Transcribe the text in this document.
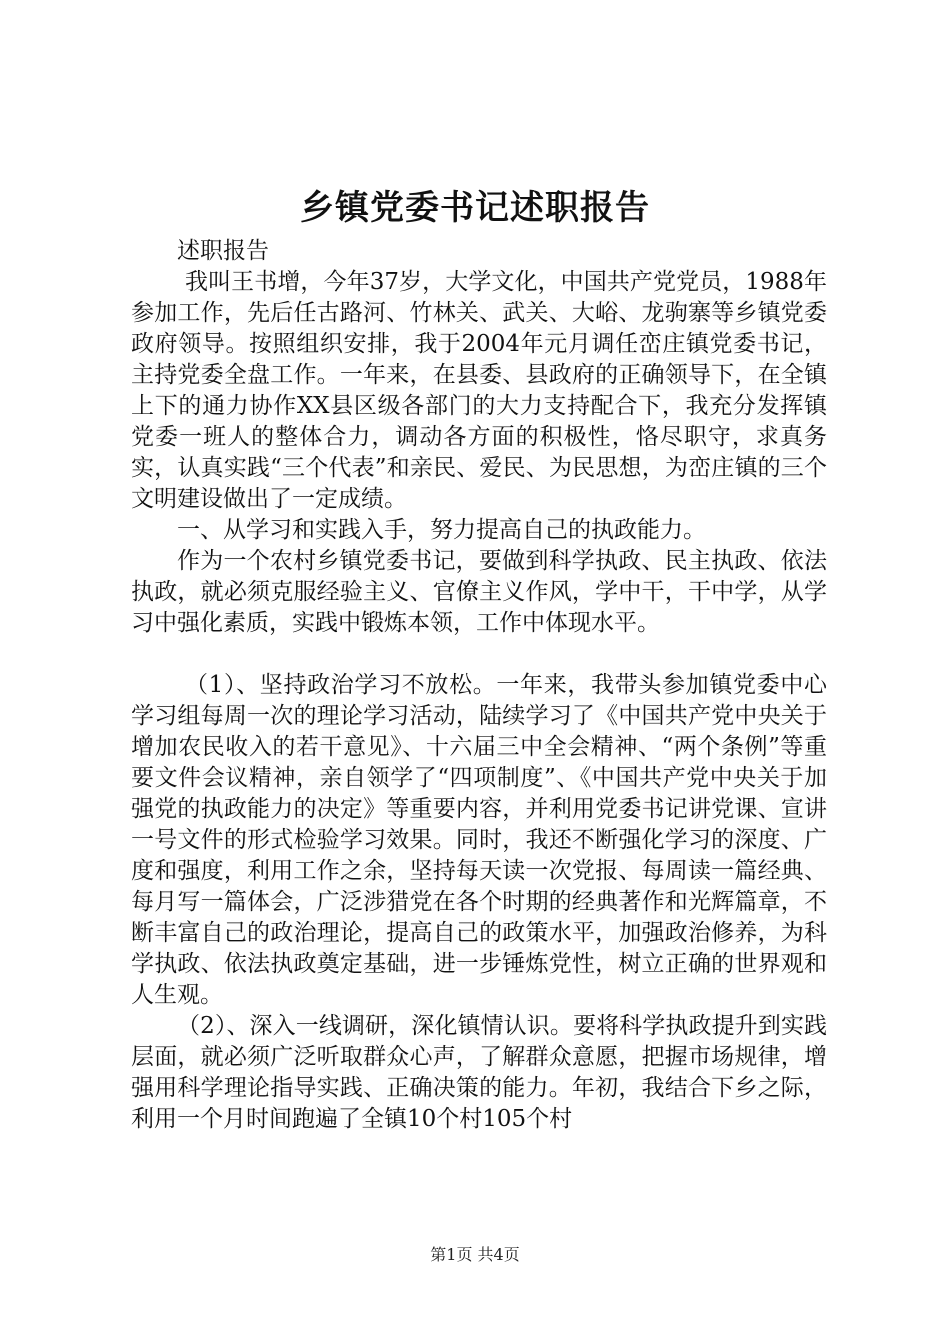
乡镇党委书记述职报告

述职报告

我叫王书增，今年37岁，大学文化，中国共产党党员，1988年参加工作，先后任古路河、竹林关、武关、大峪、龙驹寨等乡镇党委政府领导。按照组织安排，我于2004年元月调任峦庄镇党委书记，主持党委全盘工作。一年来，在县委、县政府的正确领导下，在全镇上下的通力协作XX县区级各部门的大力支持配合下，我充分发挥镇党委一班人的整体合力，调动各方面的积极性，恪尽职守，求真务实，认真实践“三个代表”和亲民、爱民、为民思想，为峦庄镇的三个文明建设做出了一定成绩。

一、从学习和实践入手，努力提高自己的执政能力。

作为一个农村乡镇党委书记，要做到科学执政、民主执政、依法执政，就必须克服经验主义、官僚主义作风，学中干，干中学，从学习中强化素质，实践中锻炼本领，工作中体现水平。

（1）、坚持政治学习不放松。一年来，我带头参加镇党委中心学习组每周一次的理论学习活动，陆续学习了《中国共产党中央关于增加农民收入的若干意见》、十六届三中全会精神、“两个条例”等重要文件会议精神，亲自领学了“四项制度”、《中国共产党中央关于加强党的执政能力的决定》等重要内容，并利用党委书记讲党课、宣讲一号文件的形式检验学习效果。同时，我还不断强化学习的深度、广度和强度，利用工作之余，坚持每天读一次党报、每周读一篇经典、每月写一篇体会，广泛涉猎党在各个时期的经典著作和光辉篇章，不断丰富自己的政治理论，提高自己的政策水平，加强政治修养，为科学执政、依法执政奠定基础，进一步锤炼党性，树立正确的世界观和人生观。

（2）、深入一线调研，深化镇情认识。要将科学执政提升到实践层面，就必须广泛听取群众心声，了解群众意愿，把握市场规律，增强用科学理论指导实践、正确决策的能力。年初，我结合下乡之际，利用一个月时间跑遍了全镇10个村105个村

第1页 共4页
